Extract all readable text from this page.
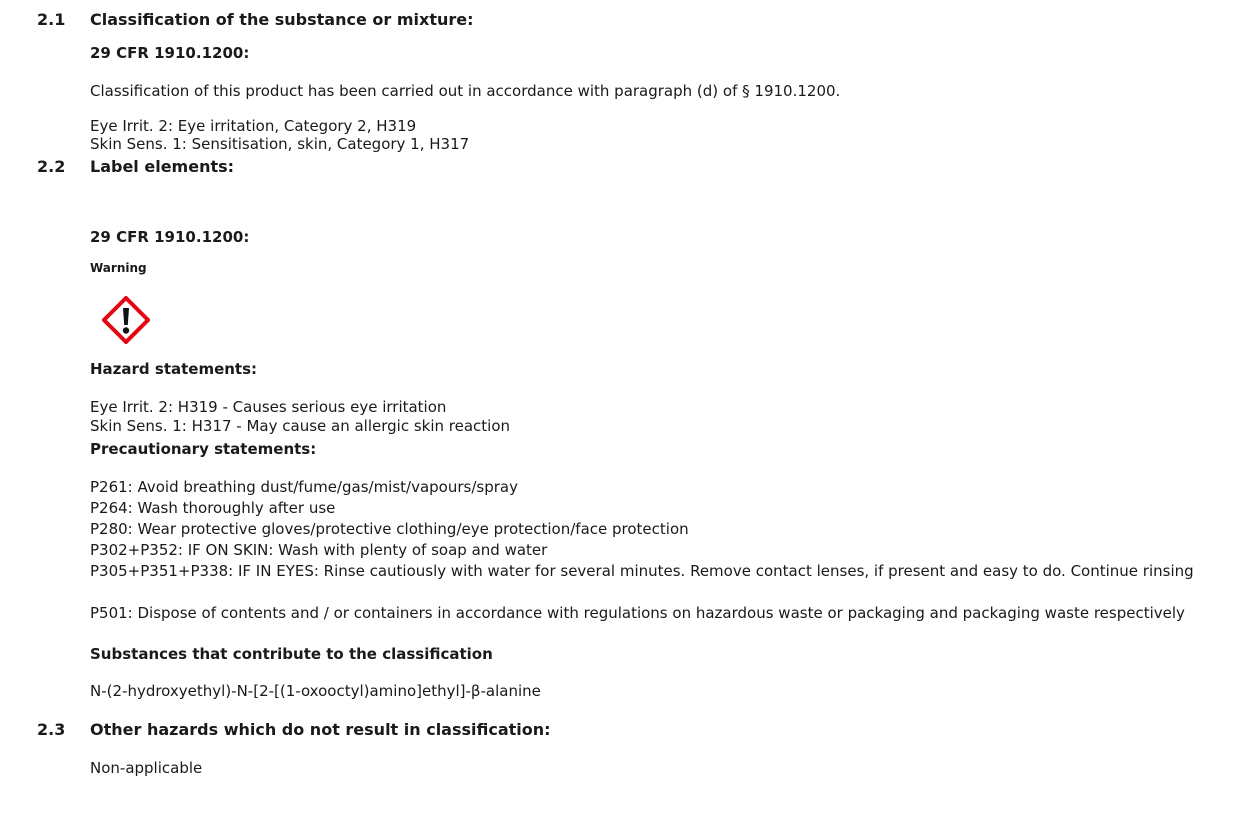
2.1 Classification of the substance or mixture:
29 CFR 1910.1200:
Classification of this product has been carried out in accordance with paragraph (d) of § 1910.1200.
Eye Irrit. 2: Eye irritation, Category 2, H319
Skin Sens. 1: Sensitisation, skin, Category 1, H317
2.2 Label elements:
29 CFR 1910.1200:
Warning
Hazard statements:
Eye Irrit. 2: H319 - Causes serious eye irritation
Skin Sens. 1: H317 - May cause an allergic skin reaction
Precautionary statements:
P261: Avoid breathing dust/fume/gas/mist/vapours/spray
P264: Wash thoroughly after use
P280: Wear protective gloves/protective clothing/eye protection/face protection
P302+P352: IF ON SKIN: Wash with plenty of soap and water
P305+P351+P338: IF IN EYES: Rinse cautiously with water for several minutes. Remove contact lenses, if present and easy to do. Continue rinsing
P501: Dispose of contents and / or containers in accordance with regulations on hazardous waste or packaging and packaging waste respectively
Substances that contribute to the classification
N-(2-hydroxyethyl)-N-[2-[(1-oxooctyl)amino]ethyl]-β-alanine
2.3 Other hazards which do not result in classification:
Non-applicable
